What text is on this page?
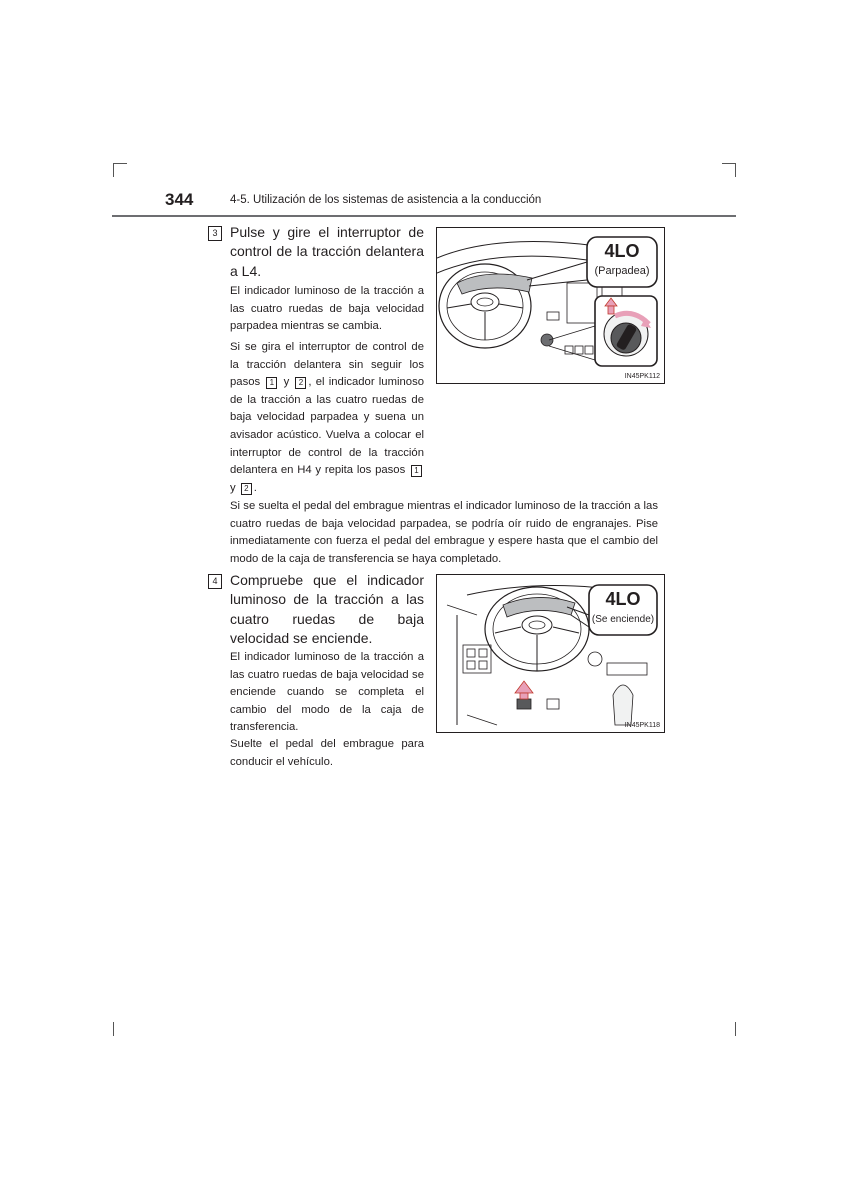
344	4-5. Utilización de los sistemas de asistencia a la conducción
3 Pulse y gire el interruptor de control de la tracción delantera a L4.

El indicador luminoso de la tracción a las cuatro ruedas de baja velocidad parpadea mientras se cambia.

Si se gira el interruptor de control de la tracción delantera sin seguir los pasos 1 y 2 , el indicador luminoso de la tracción a las cuatro ruedas de baja velocidad parpadea y suena un avisador acústico. Vuelva a colocar el interruptor de control de la tracción delantera en H4 y repita los pasos 1 y 2 .

Si se suelta el pedal del embrague mientras el indicador luminoso de la tracción a las cuatro ruedas de baja velocidad parpadea, se podría oír ruido de engranajes. Pise inmediatamente con fuerza el pedal del embrague y espere hasta que el cambio del modo de la caja de transferencia se haya completado.

4LO
(Parpadea)
IN45PK112
4 Compruebe que el indicador luminoso de la tracción a las cuatro ruedas de baja velocidad se enciende.

El indicador luminoso de la tracción a las cuatro ruedas de baja velocidad se enciende cuando se completa el cambio del modo de la caja de transferencia.

Suelte el pedal del embrague para conducir el vehículo.

4LO
(Se enciende)
IN45PK118
